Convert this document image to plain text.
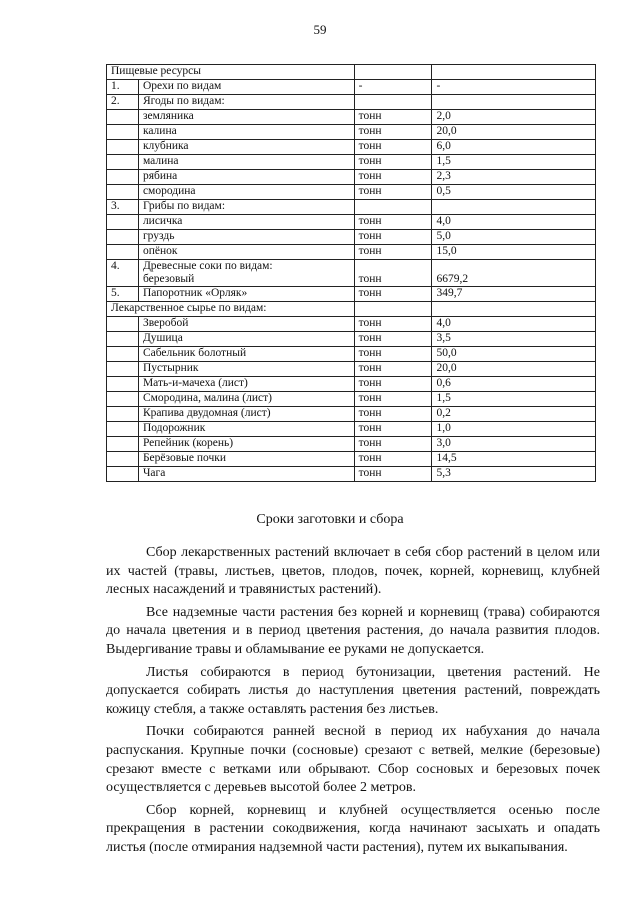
59
Пищевые ресурсы			
1.	Орехи по видам	-	-
2.	Ягоды по видам:		
	земляника	тонн	2,0
	калина	тонн	20,0
	клубника	тонн	6,0
	малина	тонн	1,5
	рябина	тонн	2,3
	смородина	тонн	0,5
3.	Грибы по видам:		
	лисичка	тонн	4,0
	груздь	тонн	5,0
	опёнок	тонн	15,0
4.	Древесные соки по видам:
березовый	тонн	6679,2
5.	Папоротник «Орляк»	тонн	349,7
Лекарственное сырье по видам:			
	Зверобой	тонн	4,0
	Душица	тонн	3,5
	Сабельник болотный	тонн	50,0
	Пустырник	тонн	20,0
	Мать-и-мачеха (лист)	тонн	0,6
	Смородина, малина (лист)	тонн	1,5
	Крапива двудомная (лист)	тонн	0,2
	Подорожник	тонн	1,0
	Репейник (корень)	тонн	3,0
	Берёзовые почки	тонн	14,5
	Чага	тонн	5,3
Сроки заготовки и сбора

Сбор лекарственных растений включает в себя сбор растений в целом или их частей (травы, листьев, цветов, плодов, почек, корней, корневищ, клубней лесных насаждений и травянистых растений).

Все надземные части растения без корней и корневищ (трава) собираются до начала цветения и в период цветения растения, до начала развития плодов. Выдергивание травы и обламывание ее руками не допускается.

Листья собираются в период бутонизации, цветения растений. Не допускается собирать листья до наступления цветения растений, повреждать кожицу стебля, а также оставлять растения без листьев.

Почки собираются ранней весной в период их набухания до начала распускания. Крупные почки (сосновые) срезают с ветвей, мелкие (березовые) срезают вместе с ветками или обрывают. Сбор сосновых и березовых почек осуществляется с деревьев высотой более 2 метров.

Сбор корней, корневищ и клубней осуществляется осенью после прекращения в растении сокодвижения, когда начинают засыхать и опадать листья (после отмирания надземной части растения), путем их выкапывания.
